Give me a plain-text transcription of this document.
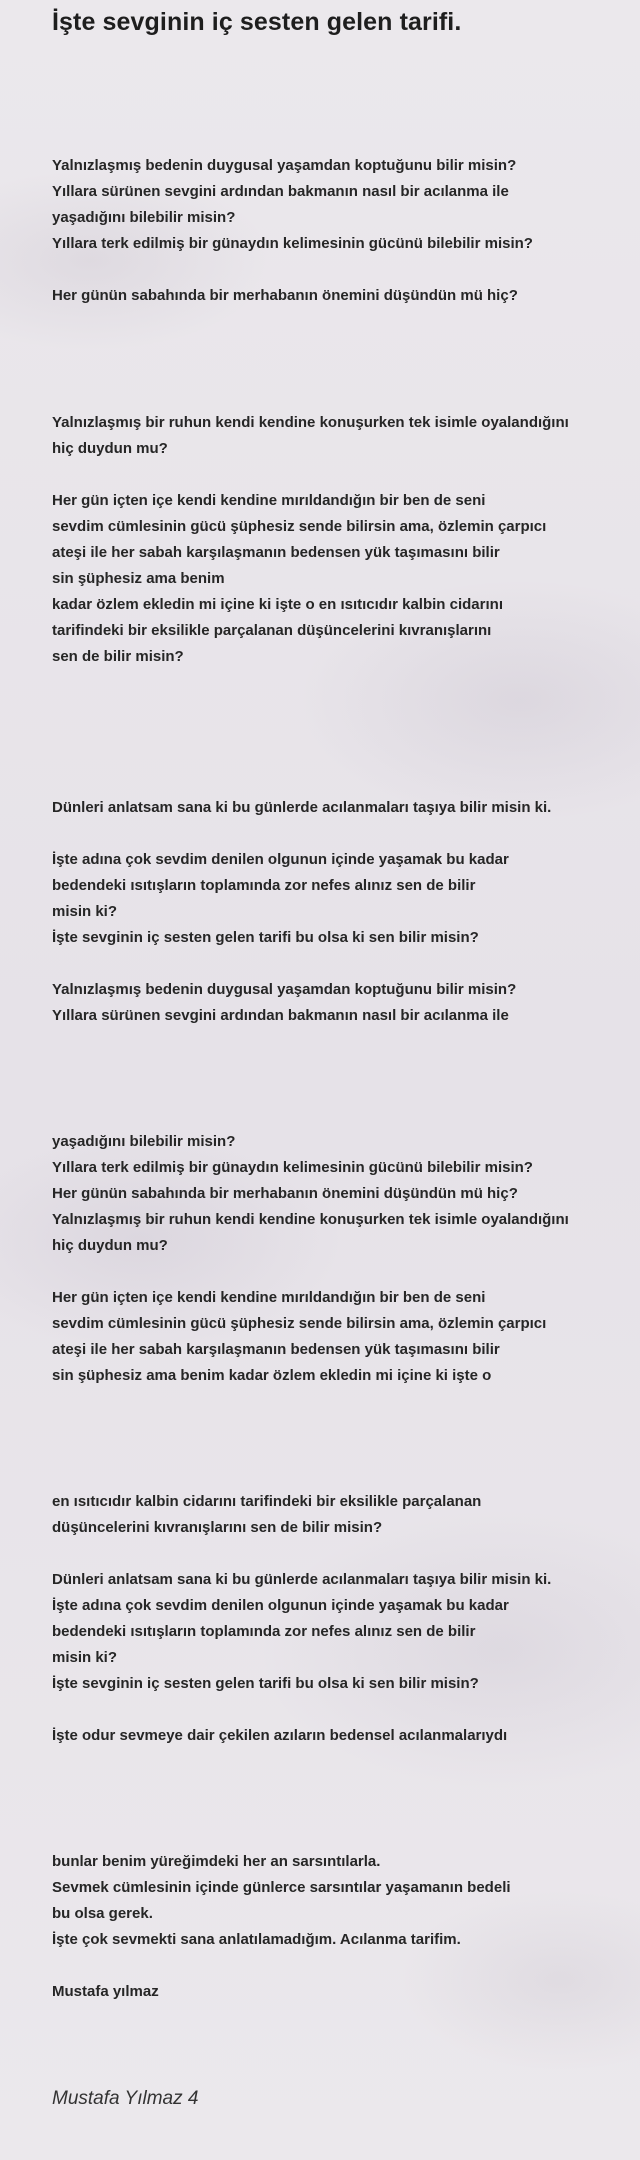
İşte sevginin iç sesten gelen tarifi.
Yalnızlaşmış bedenin duygusal yaşamdan koptuğunu bilir misin?
Yıllara sürünen sevgini ardından bakmanın nasıl bir acılanma ile
yaşadığını bilebilir misin?
Yıllara terk edilmiş bir günaydın kelimesinin gücünü bilebilir misin?
Her günün sabahında bir merhabanın önemini düşündün mü hiç?
Yalnızlaşmış bir ruhun kendi kendine konuşurken tek isimle oyalandığını
hiç duydun mu?
Her gün içten içe kendi kendine mırıldandığın bir ben de seni
sevdim cümlesinin gücü şüphesiz sende bilirsin ama, özlemin çarpıcı
ateşi ile her sabah karşılaşmanın bedensen yük taşımasını bilir
sin şüphesiz ama benim
kadar özlem ekledin mi içine ki işte o en ısıtıcıdır kalbin cidarını
tarifindeki bir eksilikle parçalanan düşüncelerini kıvranışlarını
sen de bilir misin?
Dünleri anlatsam sana ki bu günlerde acılanmaları taşıya bilir misin ki.
İşte adına çok sevdim denilen olgunun içinde yaşamak bu kadar
bedendeki ısıtışların toplamında zor nefes alınız sen de bilir
misin ki?
İşte sevginin iç sesten gelen tarifi bu olsa ki sen bilir misin?
Yalnızlaşmış bedenin duygusal yaşamdan koptuğunu bilir misin?
Yıllara sürünen sevgini ardından bakmanın nasıl bir acılanma ile
yaşadığını bilebilir misin?
Yıllara terk edilmiş bir günaydın kelimesinin gücünü bilebilir misin?
Her günün sabahında bir merhabanın önemini düşündün mü hiç?
Yalnızlaşmış bir ruhun kendi kendine konuşurken tek isimle oyalandığını
hiç duydun mu?
Her gün içten içe kendi kendine mırıldandığın bir ben de seni
sevdim cümlesinin gücü şüphesiz sende bilirsin ama, özlemin çarpıcı
ateşi ile her sabah karşılaşmanın bedensen yük taşımasını bilir
sin şüphesiz ama benim kadar özlem ekledin mi içine ki işte o
en ısıtıcıdır kalbin cidarını tarifindeki bir eksilikle parçalanan
düşüncelerini kıvranışlarını sen de bilir misin?
Dünleri anlatsam sana ki bu günlerde acılanmaları taşıya bilir misin ki.
İşte adına çok sevdim denilen olgunun içinde yaşamak bu kadar
bedendeki ısıtışların toplamında zor nefes alınız sen de bilir
misin ki?
İşte sevginin iç sesten gelen tarifi bu olsa ki sen bilir misin?
İşte odur sevmeye dair çekilen azıların bedensel acılanmalarıydı
bunlar benim yüreğimdeki her an sarsıntılarla.
Sevmek cümlesinin içinde günlerce sarsıntılar yaşamanın bedeli
bu olsa gerek.
İşte çok sevmekti sana anlatılamadığım. Acılanma tarifim.
Mustafa yılmaz
Mustafa Yılmaz 4
